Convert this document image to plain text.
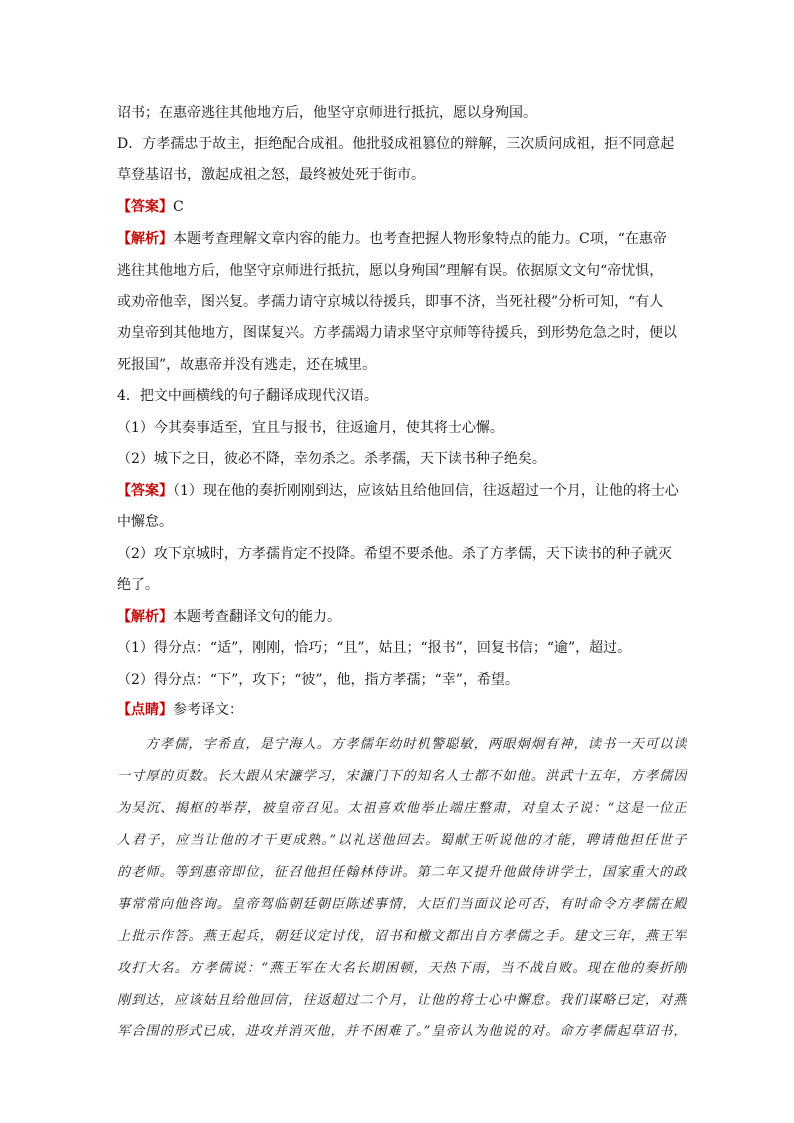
诏书；在惠帝逃往其他地方后，他坚守京师进行抵抗，愿以身殉国。
D．方孝孺忠于故主，拒绝配合成祖。他批驳成祖篡位的辩解，三次质问成祖，拒不同意起
草登基诏书，激起成祖之怒，最终被处死于街市。
【答案】C
【解析】本题考查理解文章内容的能力。也考查把握人物形象特点的能力。C项，“在惠帝
逃往其他地方后，他坚守京师进行抵抗，愿以身殉国”理解有误。依据原文文句“帝忧惧，
或劝帝他幸，图兴复。孝孺力请守京城以待援兵，即事不济，当死社稷”分析可知，“有人
劝皇帝到其他地方，图谋复兴。方孝孺竭力请求坚守京师等待援兵，到形势危急之时，便以
死报国”，故惠帝并没有逃走，还在城里。
4．把文中画横线的句子翻译成现代汉语。
（1）今其奏事适至，宜且与报书，往返逾月，使其将士心懈。
（2）城下之日，彼必不降，幸勿杀之。杀孝孺，天下读书种子绝矣。
【答案】（1）现在他的奏折刚刚到达，应该姑且给他回信，往返超过一个月，让他的将士心
中懈怠。
（2）攻下京城时，方孝孺肯定不投降。希望不要杀他。杀了方孝儒，天下读书的种子就灭
绝了。
【解析】本题考查翻译文句的能力。
（1）得分点：“适”，刚刚，恰巧；“且”，姑且；“报书”，回复书信；“逾”，超过。
（2）得分点：“下”，攻下；“彼”，他，指方孝孺；“幸”，希望。
【点睛】参考译文：
　　方孝儒，字希直，是宁海人。方孝儒年幼时机警聪敏，两眼炯炯有神，读书一天可以读
一寸厚的页数。长大跟从宋濂学习，宋濂门下的知名人士都不如他。洪武十五年，方孝儒因
为吴沉、揭枢的举荐，被皇帝召见。太祖喜欢他举止端庄整肃，对皇太子说：“这是一位正
人君子，应当让他的才干更成熟。”以礼送他回去。蜀献王听说他的才能，聘请他担任世子
的老师。等到惠帝即位，征召他担任翰林侍讲。第二年又提升他做侍讲学士，国家重大的政
事常常向他咨询。皇帝驾临朝廷朝臣陈述事情，大臣们当面议论可否，有时命令方孝儒在殿
上批示作答。燕王起兵，朝廷议定讨伐，诏书和檄文都出自方孝儒之手。建文三年，燕王军
攻打大名。方孝儒说：“燕王军在大名长期困顿，天热下雨，当不战自败。现在他的奏折刚
刚到达，应该姑且给他回信，往返超过二个月，让他的将士心中懈怠。我们谋略已定，对燕
军合围的形式已成，进攻并消灭他，并不困难了。”皇帝认为他说的对。命方孝儒起草诏书，
